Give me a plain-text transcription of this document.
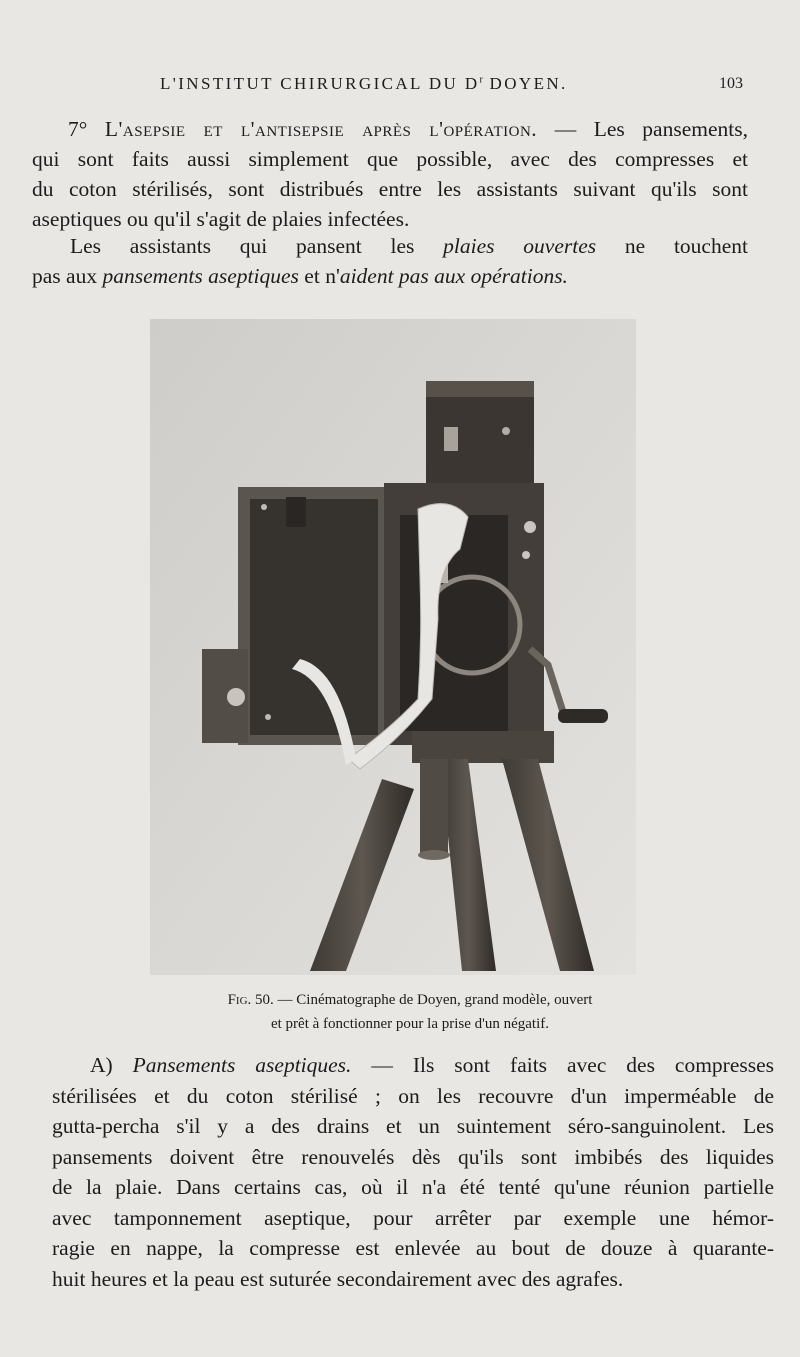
L'INSTITUT CHIRURGICAL DU $D^r$ DOYEN.	103

7° L'asepsie et l'antisepsie après l'opération. — Les pansements,
qui sont faits aussi simplement que possible, avec des compresses et
du coton stérilisés, sont distribués entre les assistants suivant qu'ils sont
aseptiques ou qu'il s'agit de plaies infectées.

Les assistants qui pansent les plaies ouvertes ne touchent
pas aux pansements aseptiques et n'aident pas aux opérations.

Fig. 50. — Cinématographe de Doyen, grand modèle, ouvert
et prêt à fonctionner pour la prise d'un négatif.

A) Pansements aseptiques. — Ils sont faits avec des compresses
stérilisées et du coton stérilisé ; on les recouvre d'un imperméable de
gutta-percha s'il y a des drains et un suintement séro-sanguinolent. Les
pansements doivent être renouvelés dès qu'ils sont imbibés des liquides
de la plaie. Dans certains cas, où il n'a été tenté qu'une réunion partielle
avec tamponnement aseptique, pour arrêter par exemple une hémor-
ragie en nappe, la compresse est enlevée au bout de douze à quarante-
huit heures et la peau est suturée secondairement avec des agrafes.
